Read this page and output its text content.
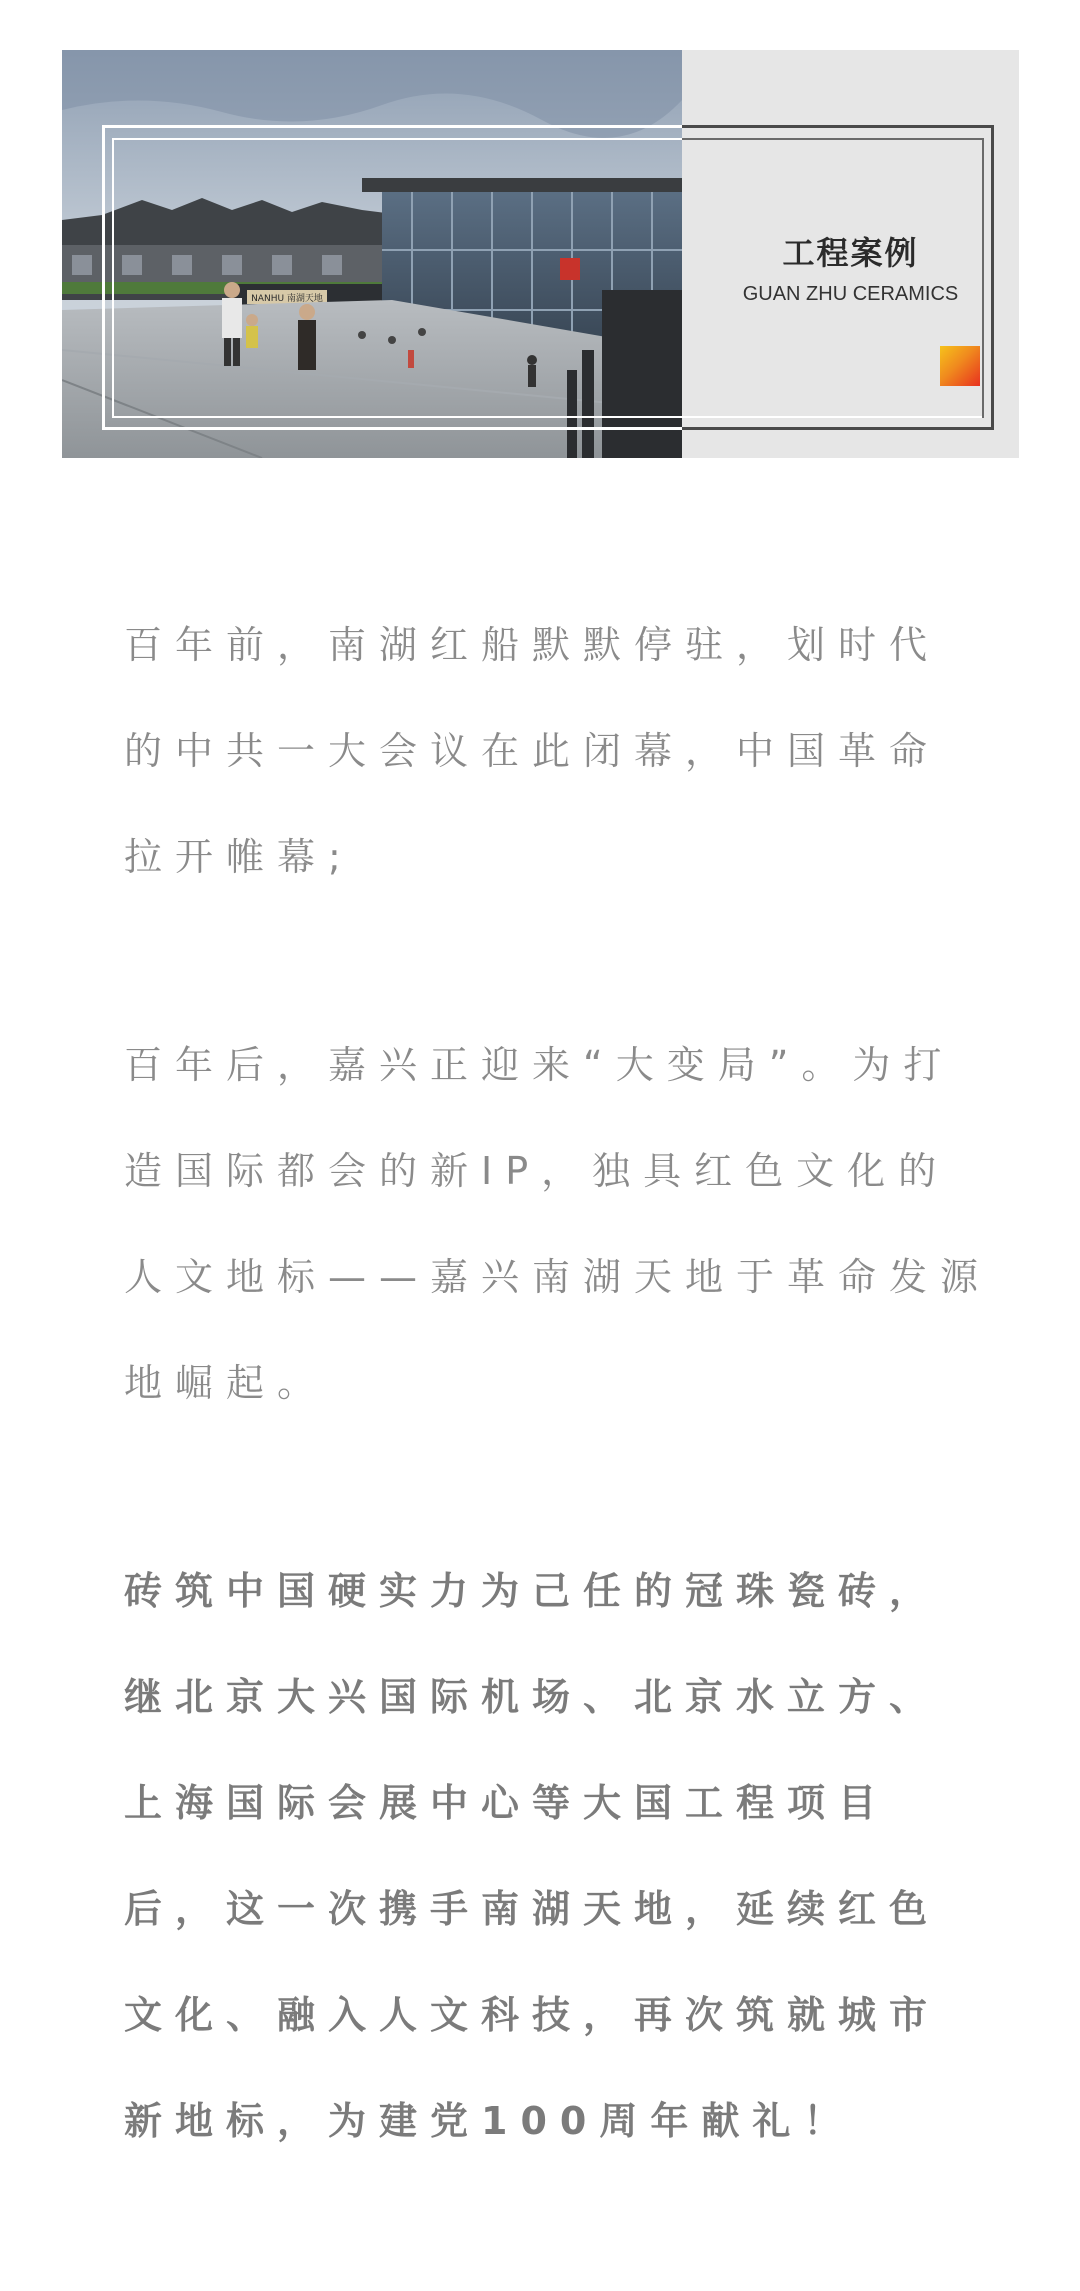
NANHU 南湖天地
工程案例
GUAN ZHU CERAMICS
百年前，南湖红船默默停驻，划时代
的中共一大会议在此闭幕，中国革命
拉开帷幕;
百年后，嘉兴正迎来“大变局”。为打
造国际都会的新IP，独具红色文化的
人文地标——嘉兴南湖天地于革命发源
地崛起。
砖筑中国硬实力为己任的冠珠瓷砖，
继北京大兴国际机场、北京水立方、
上海国际会展中心等大国工程项目
后，这一次携手南湖天地，延续红色
文化、融入人文科技，再次筑就城市
新地标，为建党100周年献礼！
